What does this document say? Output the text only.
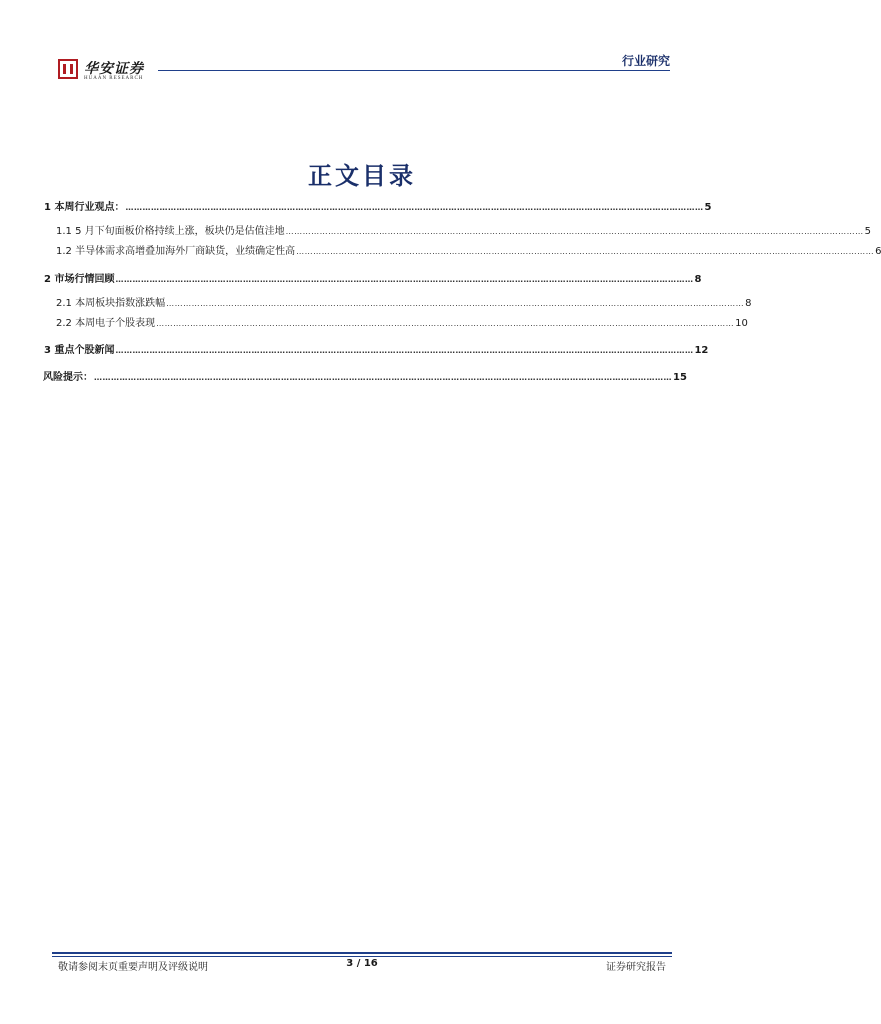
华安证券
HUAAN RESEARCH
行业研究
正文目录
1 本周行业观点： …………………………………………………………………………………………………………………………………………………………………………………… 5
1.1 5 月下旬面板价格持续上涨，板块仍是估值洼地 …………………………………………………………………………………………………………………………………………………………………………………… 5
1.2 半导体需求高增叠加海外厂商缺货，业绩确定性高 …………………………………………………………………………………………………………………………………………………………………………………… 6
2 市场行情回顾 …………………………………………………………………………………………………………………………………………………………………………………… 8
2.1 本周板块指数涨跌幅 …………………………………………………………………………………………………………………………………………………………………………………… 8
2.2 本周电子个股表现 …………………………………………………………………………………………………………………………………………………………………………………… 10
3 重点个股新闻 …………………………………………………………………………………………………………………………………………………………………………………… 12
风险提示： …………………………………………………………………………………………………………………………………………………………………………………… 15
敬请参阅末页重要声明及评级说明	3 / 16	证券研究报告
